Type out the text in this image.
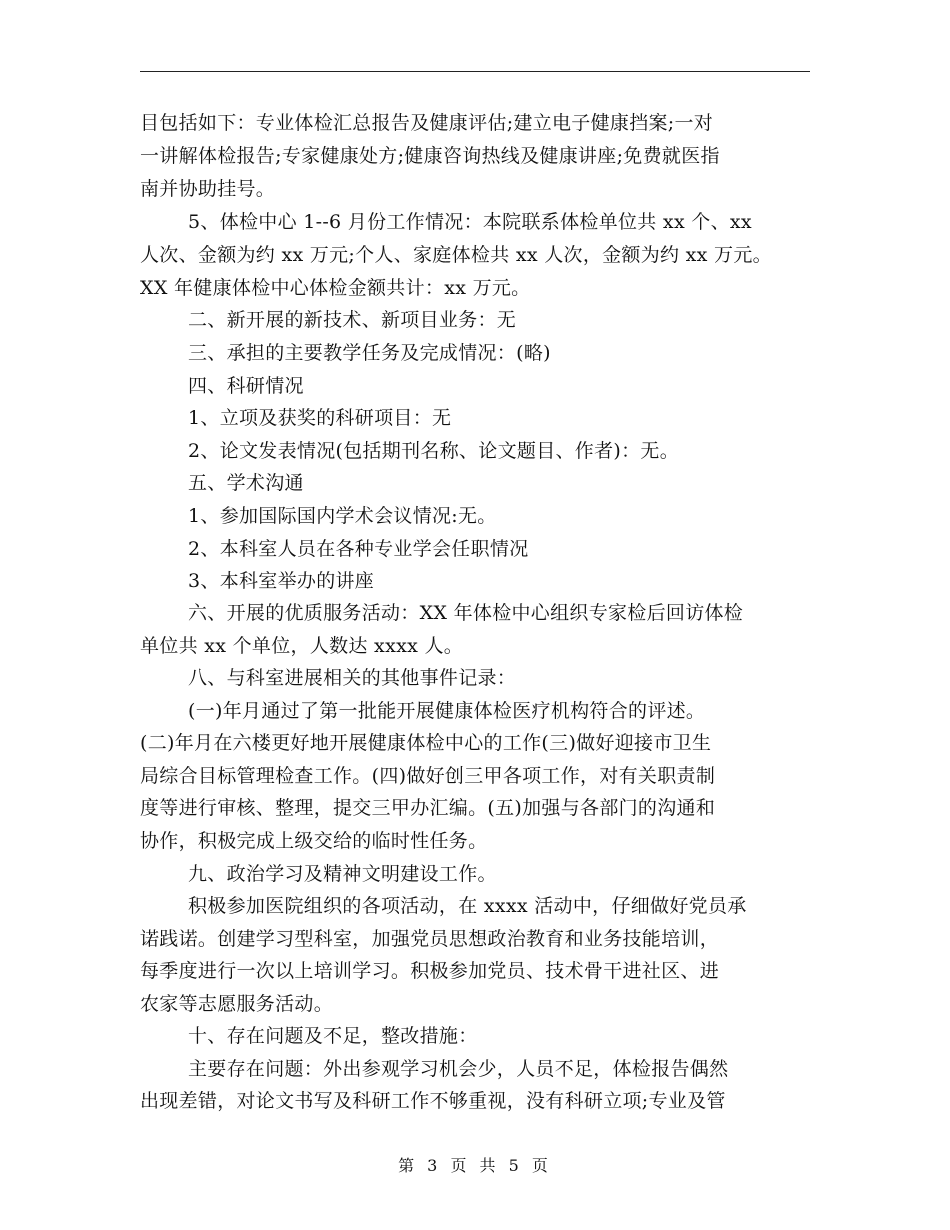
目包括如下：专业体检汇总报告及健康评估;建立电子健康挡案;一对
一讲解体检报告;专家健康处方;健康咨询热线及健康讲座;免费就医指
南并协助挂号。
5、体检中心 1--6 月份工作情况：本院联系体检单位共 xx 个、xx
人次、金额为约 xx 万元;个人、家庭体检共 xx 人次，金额为约 xx 万元。
XX 年健康体检中心体检金额共计：xx 万元。
二、新开展的新技术、新项目业务：无
三、承担的主要教学任务及完成情况：(略)
四、科研情况
1、立项及获奖的科研项目：无
2、论文发表情况(包括期刊名称、论文题目、作者)：无。
五、学术沟通
1、参加国际国内学术会议情况:无。
2、本科室人员在各种专业学会任职情况
3、本科室举办的讲座
六、开展的优质服务活动：XX 年体检中心组织专家检后回访体检
单位共 xx 个单位，人数达 xxxx 人。
八、与科室进展相关的其他事件记录：
(一)年月通过了第一批能开展健康体检医疗机构符合的评述。
(二)年月在六楼更好地开展健康体检中心的工作(三)做好迎接市卫生
局综合目标管理检查工作。(四)做好创三甲各项工作，对有关职责制
度等进行审核、整理，提交三甲办汇编。(五)加强与各部门的沟通和
协作，积极完成上级交给的临时性任务。
九、政治学习及精神文明建设工作。
积极参加医院组织的各项活动，在 xxxx 活动中，仔细做好党员承
诺践诺。创建学习型科室，加强党员思想政治教育和业务技能培训，
每季度进行一次以上培训学习。积极参加党员、技术骨干进社区、进
农家等志愿服务活动。
十、存在问题及不足，整改措施：
主要存在问题：外出参观学习机会少，人员不足，体检报告偶然
出现差错，对论文书写及科研工作不够重视，没有科研立项;专业及管
第 3 页 共 5 页
